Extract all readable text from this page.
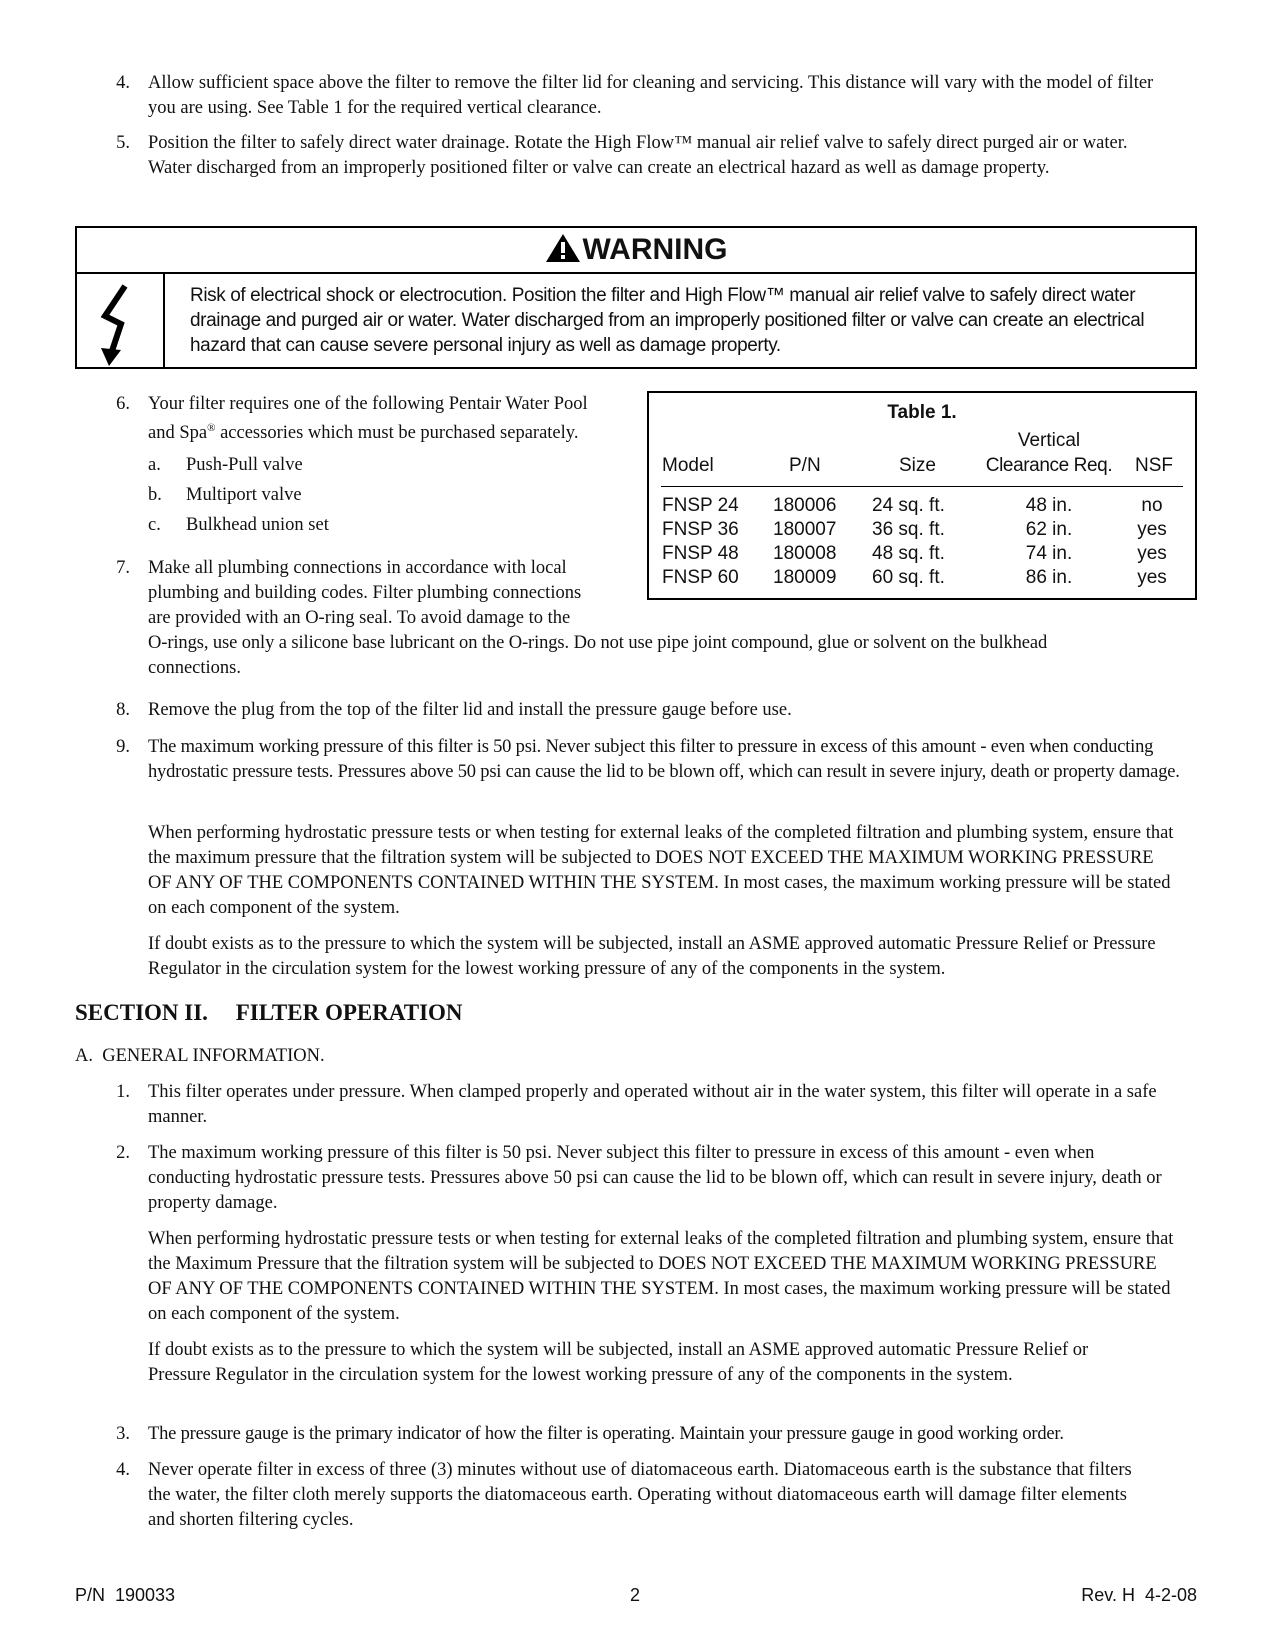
4. Allow sufficient space above the filter to remove the filter lid for cleaning and servicing. This distance will vary with the model of filter you are using. See Table 1 for the required vertical clearance.

5. Position the filter to safely direct water drainage. Rotate the High Flow™ manual air relief valve to safely direct purged air or water. Water discharged from an improperly positioned filter or valve can create an electrical hazard as well as damage property.

WARNING

Risk of electrical shock or electrocution. Position the filter and High Flow™ manual air relief valve to safely direct water drainage and purged air or water. Water discharged from an improperly positioned filter or valve can create an electrical hazard that can cause severe personal injury as well as damage property.

6. Your filter requires one of the following Pentair Water Pool

and Spa® accessories which must be purchased separately.

a. Push-Pull valve
b. Multiport valve
c. Bulkhead union set
7. Make all plumbing connections in accordance with local

plumbing and building codes. Filter plumbing connections

are provided with an O-ring seal. To avoid damage to the

O-rings, use only a silicone base lubricant on the O-rings. Do not use pipe joint compound, glue or solvent on the bulkhead

connections.

Table 1.
Vertical
Model	P/N	Size	Clearance Req.	NSF
FNSP 24 180006 24 sq. ft.	48 in.	no
FNSP 36 180007 36 sq. ft.	62 in.	yes
FNSP 48 180008 48 sq. ft.	74 in.	yes
FNSP 60 180009 60 sq. ft.	86 in.	yes
8. Remove the plug from the top of the filter lid and install the pressure gauge before use.

9. The maximum working pressure of this filter is 50 psi. Never subject this filter to pressure in excess of this amount - even when conducting hydrostatic pressure tests. Pressures above 50 psi can cause the lid to be blown off, which can result in severe injury, death or property damage.

When performing hydrostatic pressure tests or when testing for external leaks of the completed filtration and plumbing system, ensure that the maximum pressure that the filtration system will be subjected to DOES NOT EXCEED THE MAXIMUM WORKING PRESSURE OF ANY OF THE COMPONENTS CONTAINED WITHIN THE SYSTEM. In most cases, the maximum working pressure will be stated on each component of the system.

If doubt exists as to the pressure to which the system will be subjected, install an ASME approved automatic Pressure Relief or Pressure Regulator in the circulation system for the lowest working pressure of any of the components in the system.

SECTION II. FILTER OPERATION

A.  GENERAL INFORMATION.

1. This filter operates under pressure. When clamped properly and operated without air in the water system, this filter will operate in a safe manner.

2. The maximum working pressure of this filter is 50 psi. Never subject this filter to pressure in excess of this amount - even when conducting hydrostatic pressure tests. Pressures above 50 psi can cause the lid to be blown off, which can result in severe injury, death or property damage.

When performing hydrostatic pressure tests or when testing for external leaks of the completed filtration and plumbing system, ensure that the Maximum Pressure that the filtration system will be subjected to DOES NOT EXCEED THE MAXIMUM WORKING PRESSURE OF ANY OF THE COMPONENTS CONTAINED WITHIN THE SYSTEM. In most cases, the maximum working pressure will be stated on each component of the system.

If doubt exists as to the pressure to which the system will be subjected, install an ASME approved automatic Pressure Relief or Pressure Regulator in the circulation system for the lowest working pressure of any of the components in the system.

3. The pressure gauge is the primary indicator of how the filter is operating. Maintain your pressure gauge in good working order.

4. Never operate filter in excess of three (3) minutes without use of diatomaceous earth. Diatomaceous earth is the substance that filters the water, the filter cloth merely supports the diatomaceous earth. Operating without diatomaceous earth will damage filter elements and shorten filtering cycles.

P/N  190033	2	Rev. H  4-2-08
